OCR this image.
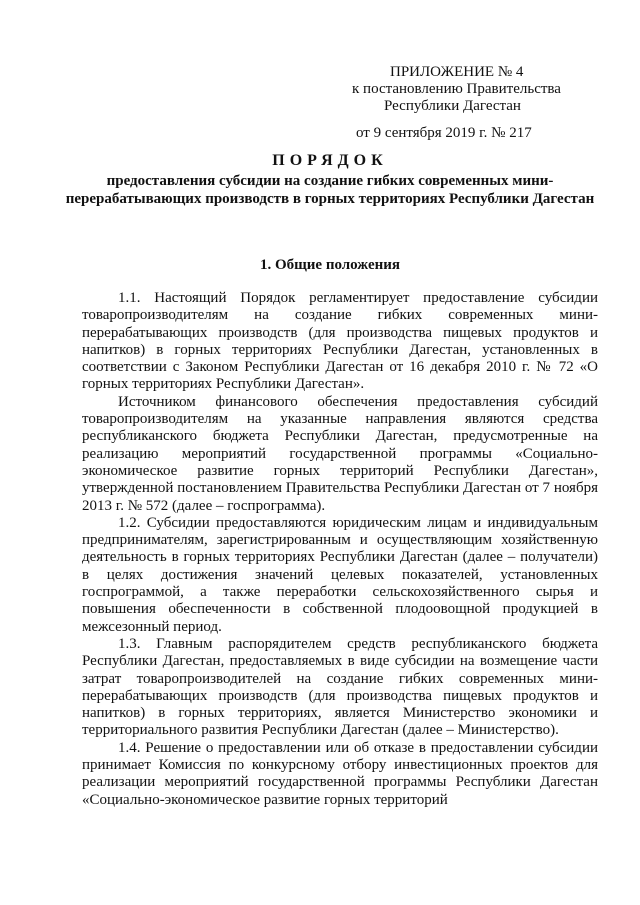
ПРИЛОЖЕНИЕ № 4
к постановлению Правительства
Республики Дагестан
от 9 сентября 2019 г. № 217
ПОРЯДОК
предоставления субсидии на создание гибких современных мини-перерабатывающих производств в горных территориях Республики Дагестан
1. Общие положения

1.1. Настоящий Порядок регламентирует предоставление субсидии товаропроизводителям на создание гибких современных мини-перерабатывающих производств (для производства пищевых продуктов и напитков) в горных территориях Республики Дагестан, установленных в соответствии с Законом Республики Дагестан от 16 декабря 2010 г. № 72 «О горных территориях Республики Дагестан».

Источником финансового обеспечения предоставления субсидий товаропроизводителям на указанные направления являются средства республиканского бюджета Республики Дагестан, предусмотренные на реализацию мероприятий государственной программы «Социально-экономическое развитие горных территорий Республики Дагестан», утвержденной постановлением Правительства Республики Дагестан от 7 ноября 2013 г. № 572 (далее – госпрограмма).

1.2. Субсидии предоставляются юридическим лицам и индивидуальным предпринимателям, зарегистрированным и осуществляющим хозяйственную деятельность в горных территориях Республики Дагестан (далее – получатели) в целях достижения значений целевых показателей, установленных госпрограммой, а также переработки сельскохозяйственного сырья и повышения обеспеченности в собственной плодоовощной продукцией в межсезонный период.

1.3. Главным распорядителем средств республиканского бюджета Республики Дагестан, предоставляемых в виде субсидии на возмещение части затрат товаропроизводителей на создание гибких современных мини-перерабатывающих производств (для производства пищевых продуктов и напитков) в горных территориях, является Министерство экономики и территориального развития Республики Дагестан (далее – Министерство).

1.4. Решение о предоставлении или об отказе в предоставлении субсидии принимает Комиссия по конкурсному отбору инвестиционных проектов для реализации мероприятий государственной программы Республики Дагестан «Социально-экономическое развитие горных территорий
